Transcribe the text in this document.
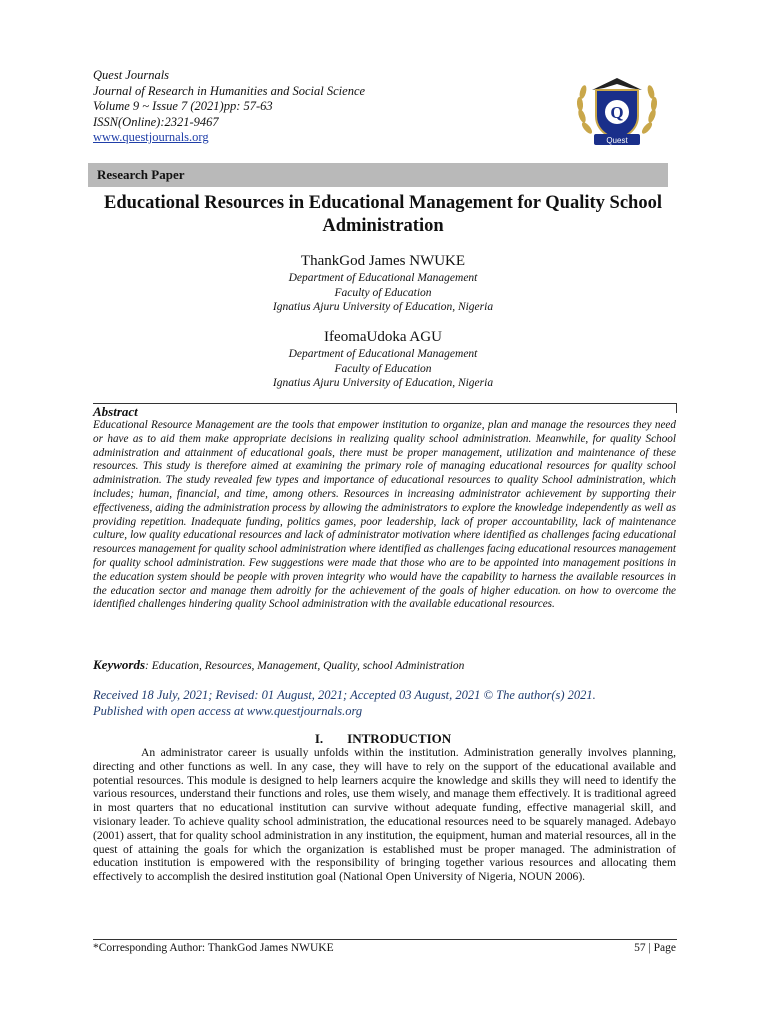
Quest Journals
Journal of Research in Humanities and Social Science
Volume 9 ~ Issue 7 (2021)pp: 57-63
ISSN(Online):2321-9467
www.questjournals.org
Q
Quest
Research Paper
Educational Resources in Educational Management for Quality School Administration
ThankGod James NWUKE
Department of Educational Management
Faculty of Education
Ignatius Ajuru University of Education, Nigeria
IfeomaUdoka AGU
Department of Educational Management
Faculty of Education
Ignatius Ajuru University of Education, Nigeria
Abstract

Educational Resource Management are the tools that empower institution to organize, plan and manage the resources they need or have as to aid them make appropriate decisions in realizing quality school administration. Meanwhile, for quality School administration and attainment of educational goals, there must be proper management, utilization and maintenance of these resources. This study is therefore aimed at examining the primary role of managing educational resources for quality school administration. The study revealed few types and importance of educational resources to quality School administration, which includes; human, financial, and time, among others. Resources in increasing administrator achievement by supporting their effectiveness, aiding the administration process by allowing the administrators to explore the knowledge independently as well as providing repetition. Inadequate funding, politics games, poor leadership, lack of proper accountability, lack of maintenance culture, low quality educational resources and lack of administrator motivation where identified as challenges facing educational resources management for quality school administration where identified as challenges facing educational resources management for quality school administration. Few suggestions were made that those who are to be appointed into management positions in the education system should be people with proven integrity who would have the capability to harness the available resources in the education sector and manage them adroitly for the achievement of the goals of higher education. on how to overcome the identified challenges hindering quality School administration with the available educational resources.

Keywords: Education, Resources, Management, Quality, school Administration
Received 18 July, 2021; Revised: 01 August, 2021; Accepted 03 August, 2021 © The author(s) 2021.
Published with open access at www.questjournals.org
I. INTRODUCTION

An administrator career is usually unfolds within the institution. Administration generally involves planning, directing and other functions as well. In any case, they will have to rely on the support of the educational available and potential resources. This module is designed to help learners acquire the knowledge and skills they will need to identify the various resources, understand their functions and roles, use them wisely, and manage them effectively. It is traditional agreed in most quarters that no educational institution can survive without adequate funding, effective managerial skill, and visionary leader. To achieve quality school administration, the educational resources need to be squarely managed. Adebayo (2001) assert, that for quality school administration in any institution, the equipment, human and material resources, all in the quest of attaining the goals for which the organization is established must be proper managed. The administration of education institution is empowered with the responsibility of bringing together various resources and allocating them effectively to accomplish the desired institution goal (National Open University of Nigeria, NOUN 2006).

*Corresponding Author: ThankGod James NWUKE	57 | Page
